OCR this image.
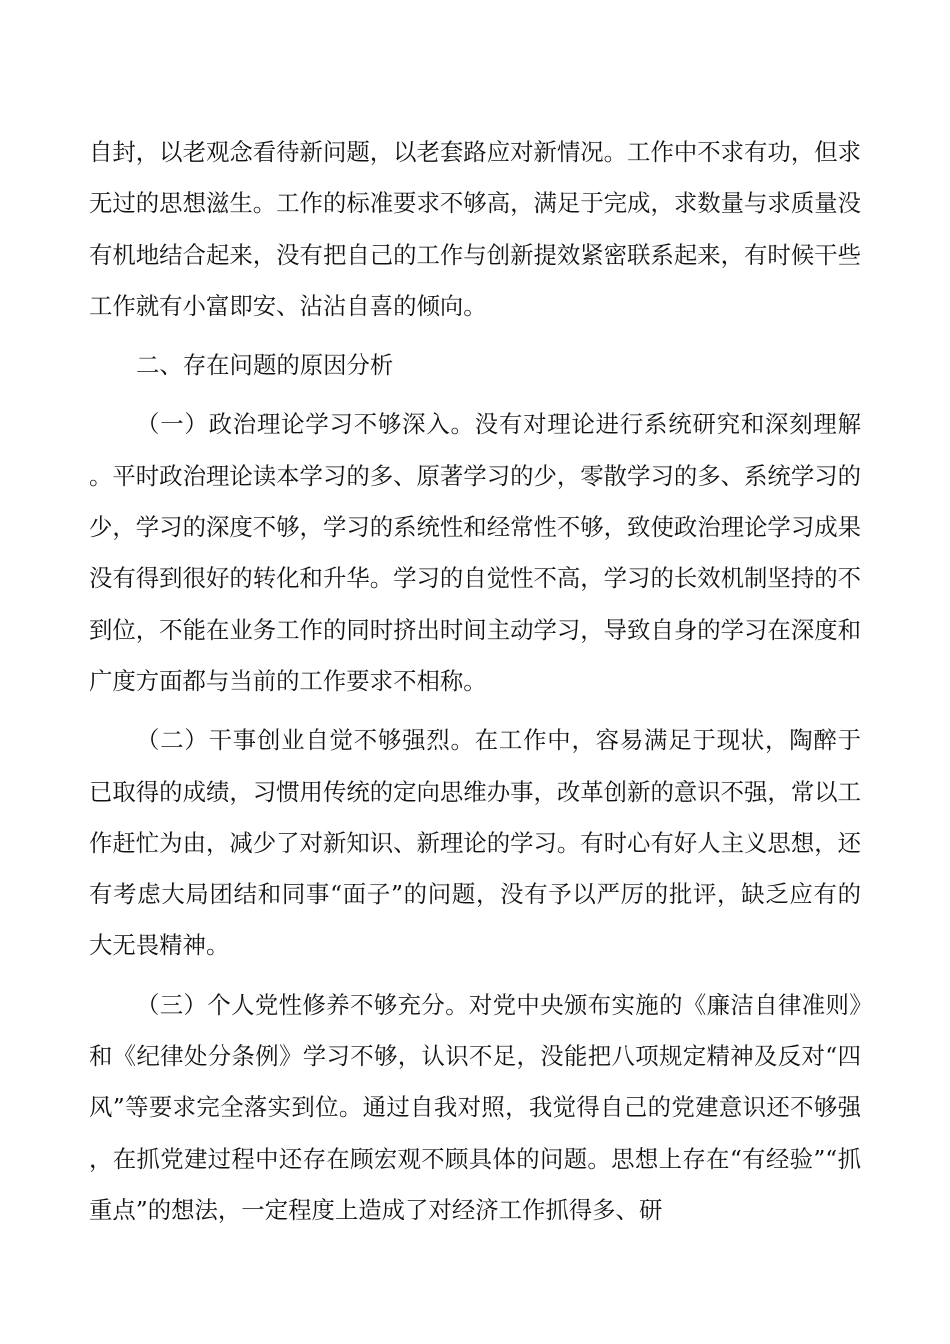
自封，以老观念看待新问题，以老套路应对新情况。工作中不求有功，但求无过的思想滋生。工作的标准要求不够高，满足于完成，求数量与求质量没有机地结合起来，没有把自己的工作与创新提效紧密联系起来，有时候干些工作就有小富即安、沾沾自喜的倾向。

二、存在问题的原因分析

（一）政治理论学习不够深入。没有对理论进行系统研究和深刻理解。平时政治理论读本学习的多、原著学习的少，零散学习的多、系统学习的少，学习的深度不够，学习的系统性和经常性不够，致使政治理论学习成果没有得到很好的转化和升华。学习的自觉性不高，学习的长效机制坚持的不到位，不能在业务工作的同时挤出时间主动学习，导致自身的学习在深度和广度方面都与当前的工作要求不相称。

（二）干事创业自觉不够强烈。在工作中，容易满足于现状，陶醉于已取得的成绩，习惯用传统的定向思维办事，改革创新的意识不强，常以工作赶忙为由，减少了对新知识、新理论的学习。有时心有好人主义思想，还有考虑大局团结和同事“面子”的问题，没有予以严厉的批评，缺乏应有的大无畏精神。

（三）个人党性修养不够充分。对党中央颁布实施的《廉洁自律准则》和《纪律处分条例》学习不够，认识不足，没能把八项规定精神及反对“四风”等要求完全落实到位。通过自我对照，我觉得自己的党建意识还不够强，在抓党建过程中还存在顾宏观不顾具体的问题。思想上存在“有经验”“抓重点”的想法，一定程度上造成了对经济工作抓得多、研
